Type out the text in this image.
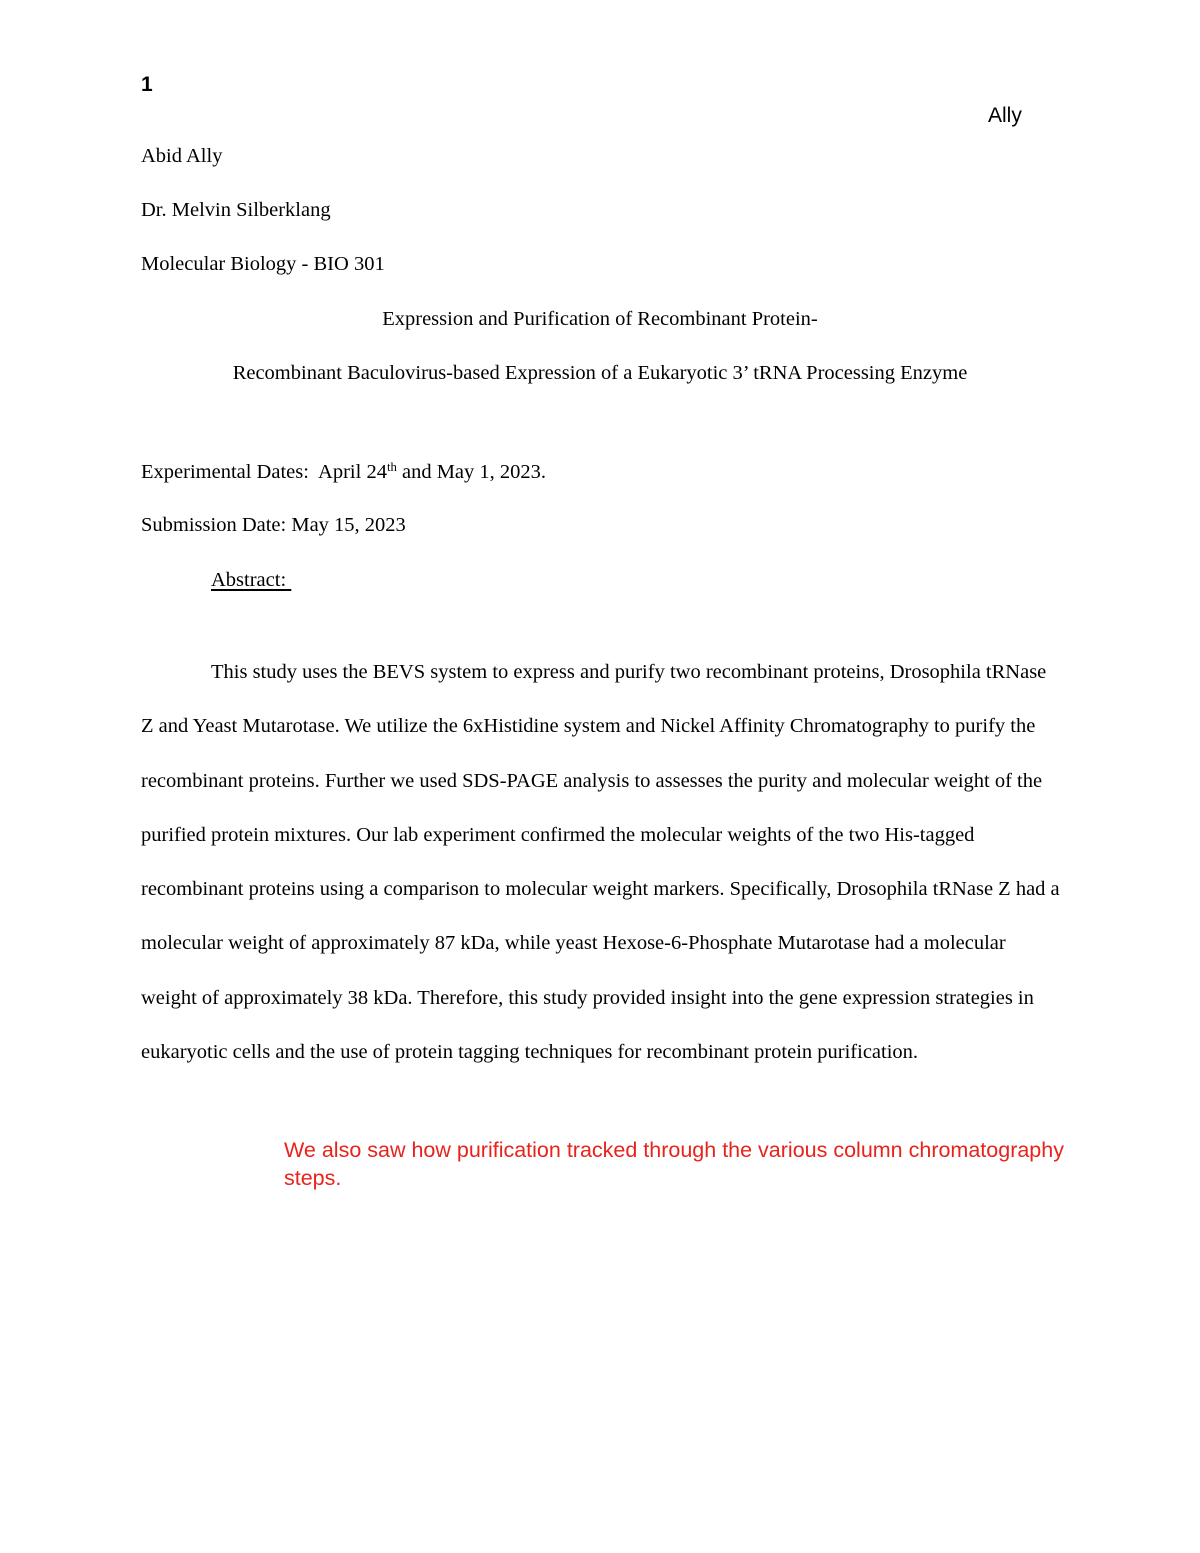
1
Ally
Abid Ally
Dr. Melvin Silberklang
Molecular Biology - BIO 301
Expression and Purification of Recombinant Protein-
Recombinant Baculovirus-based Expression of a Eukaryotic 3’ tRNA Processing Enzyme
Experimental Dates:  April 24th and May 1, 2023.
Submission Date: May 15, 2023
Abstract:
This study uses the BEVS system to express and purify two recombinant proteins, Drosophila tRNase Z and Yeast Mutarotase. We utilize the 6xHistidine system and Nickel Affinity Chromatography to purify the recombinant proteins. Further we used SDS-PAGE analysis to assesses the purity and molecular weight of the purified protein mixtures. Our lab experiment confirmed the molecular weights of the two His-tagged recombinant proteins using a comparison to molecular weight markers. Specifically, Drosophila tRNase Z had a molecular weight of approximately 87 kDa, while yeast Hexose-6-Phosphate Mutarotase had a molecular weight of approximately 38 kDa. Therefore, this study provided insight into the gene expression strategies in eukaryotic cells and the use of protein tagging techniques for recombinant protein purification.
We also saw how purification tracked through the various column chromatography
steps.
